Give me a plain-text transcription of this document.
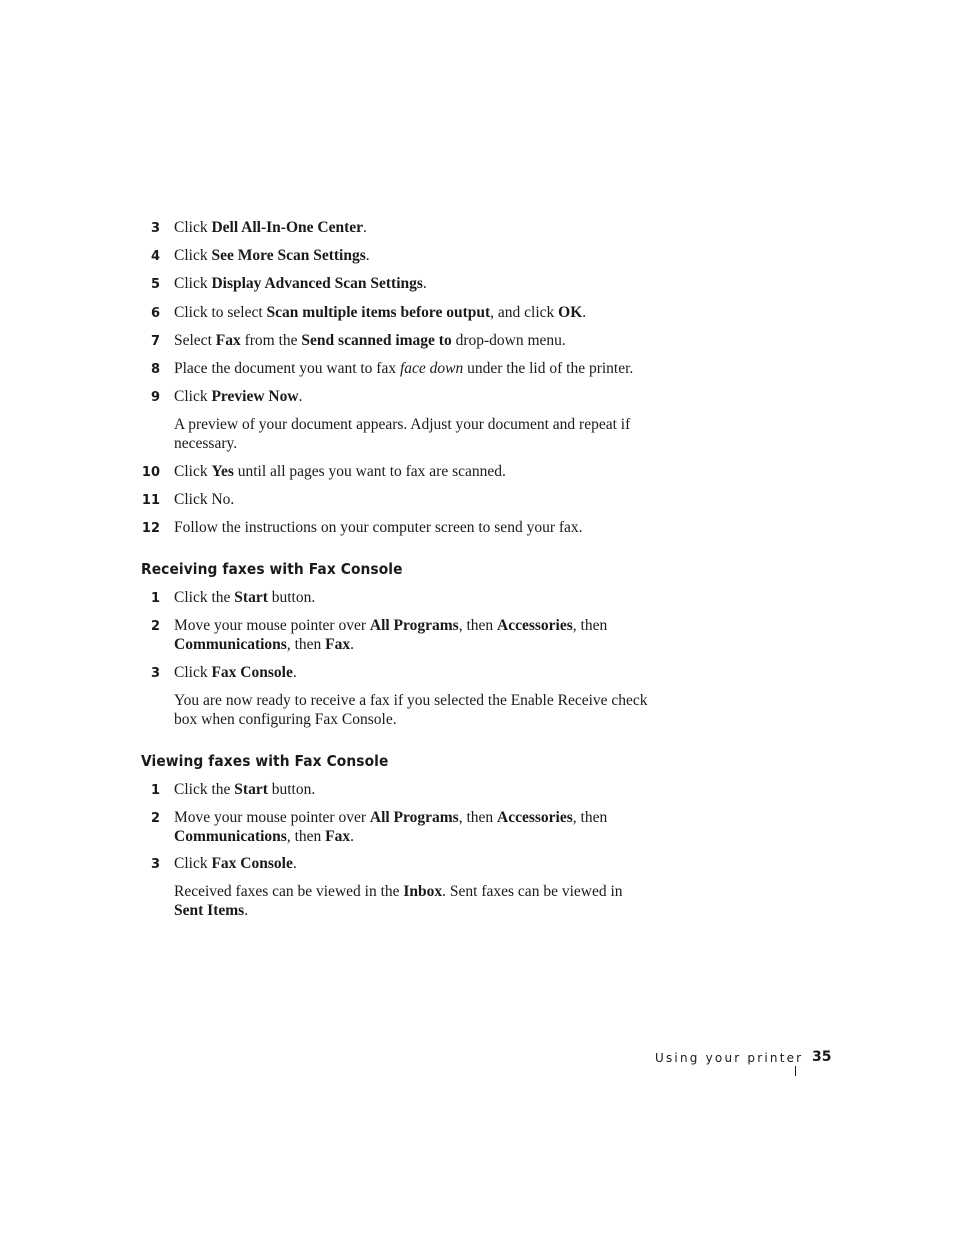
3 Click Dell All-In-One Center.
4 Click See More Scan Settings.
5 Click Display Advanced Scan Settings.
6 Click to select Scan multiple items before output, and click OK.
7 Select Fax from the Send scanned image to drop-down menu.
8 Place the document you want to fax face down under the lid of the printer.
9 Click Preview Now.
A preview of your document appears. Adjust your document and repeat if necessary.
10 Click Yes until all pages you want to fax are scanned.
11 Click No.
12 Follow the instructions on your computer screen to send your fax.
Receiving faxes with Fax Console
1 Click the Start button.
2 Move your mouse pointer over All Programs, then Accessories, then
Communications, then Fax.
3 Click Fax Console.
You are now ready to receive a fax if you selected the Enable Receive check box when configuring Fax Console.
Viewing faxes with Fax Console
1 Click the Start button.
2 Move your mouse pointer over All Programs, then Accessories, then
Communications, then Fax.
3 Click Fax Console.
Received faxes can be viewed in the Inbox. Sent faxes can be viewed in
Sent Items.
Using your printer 35
